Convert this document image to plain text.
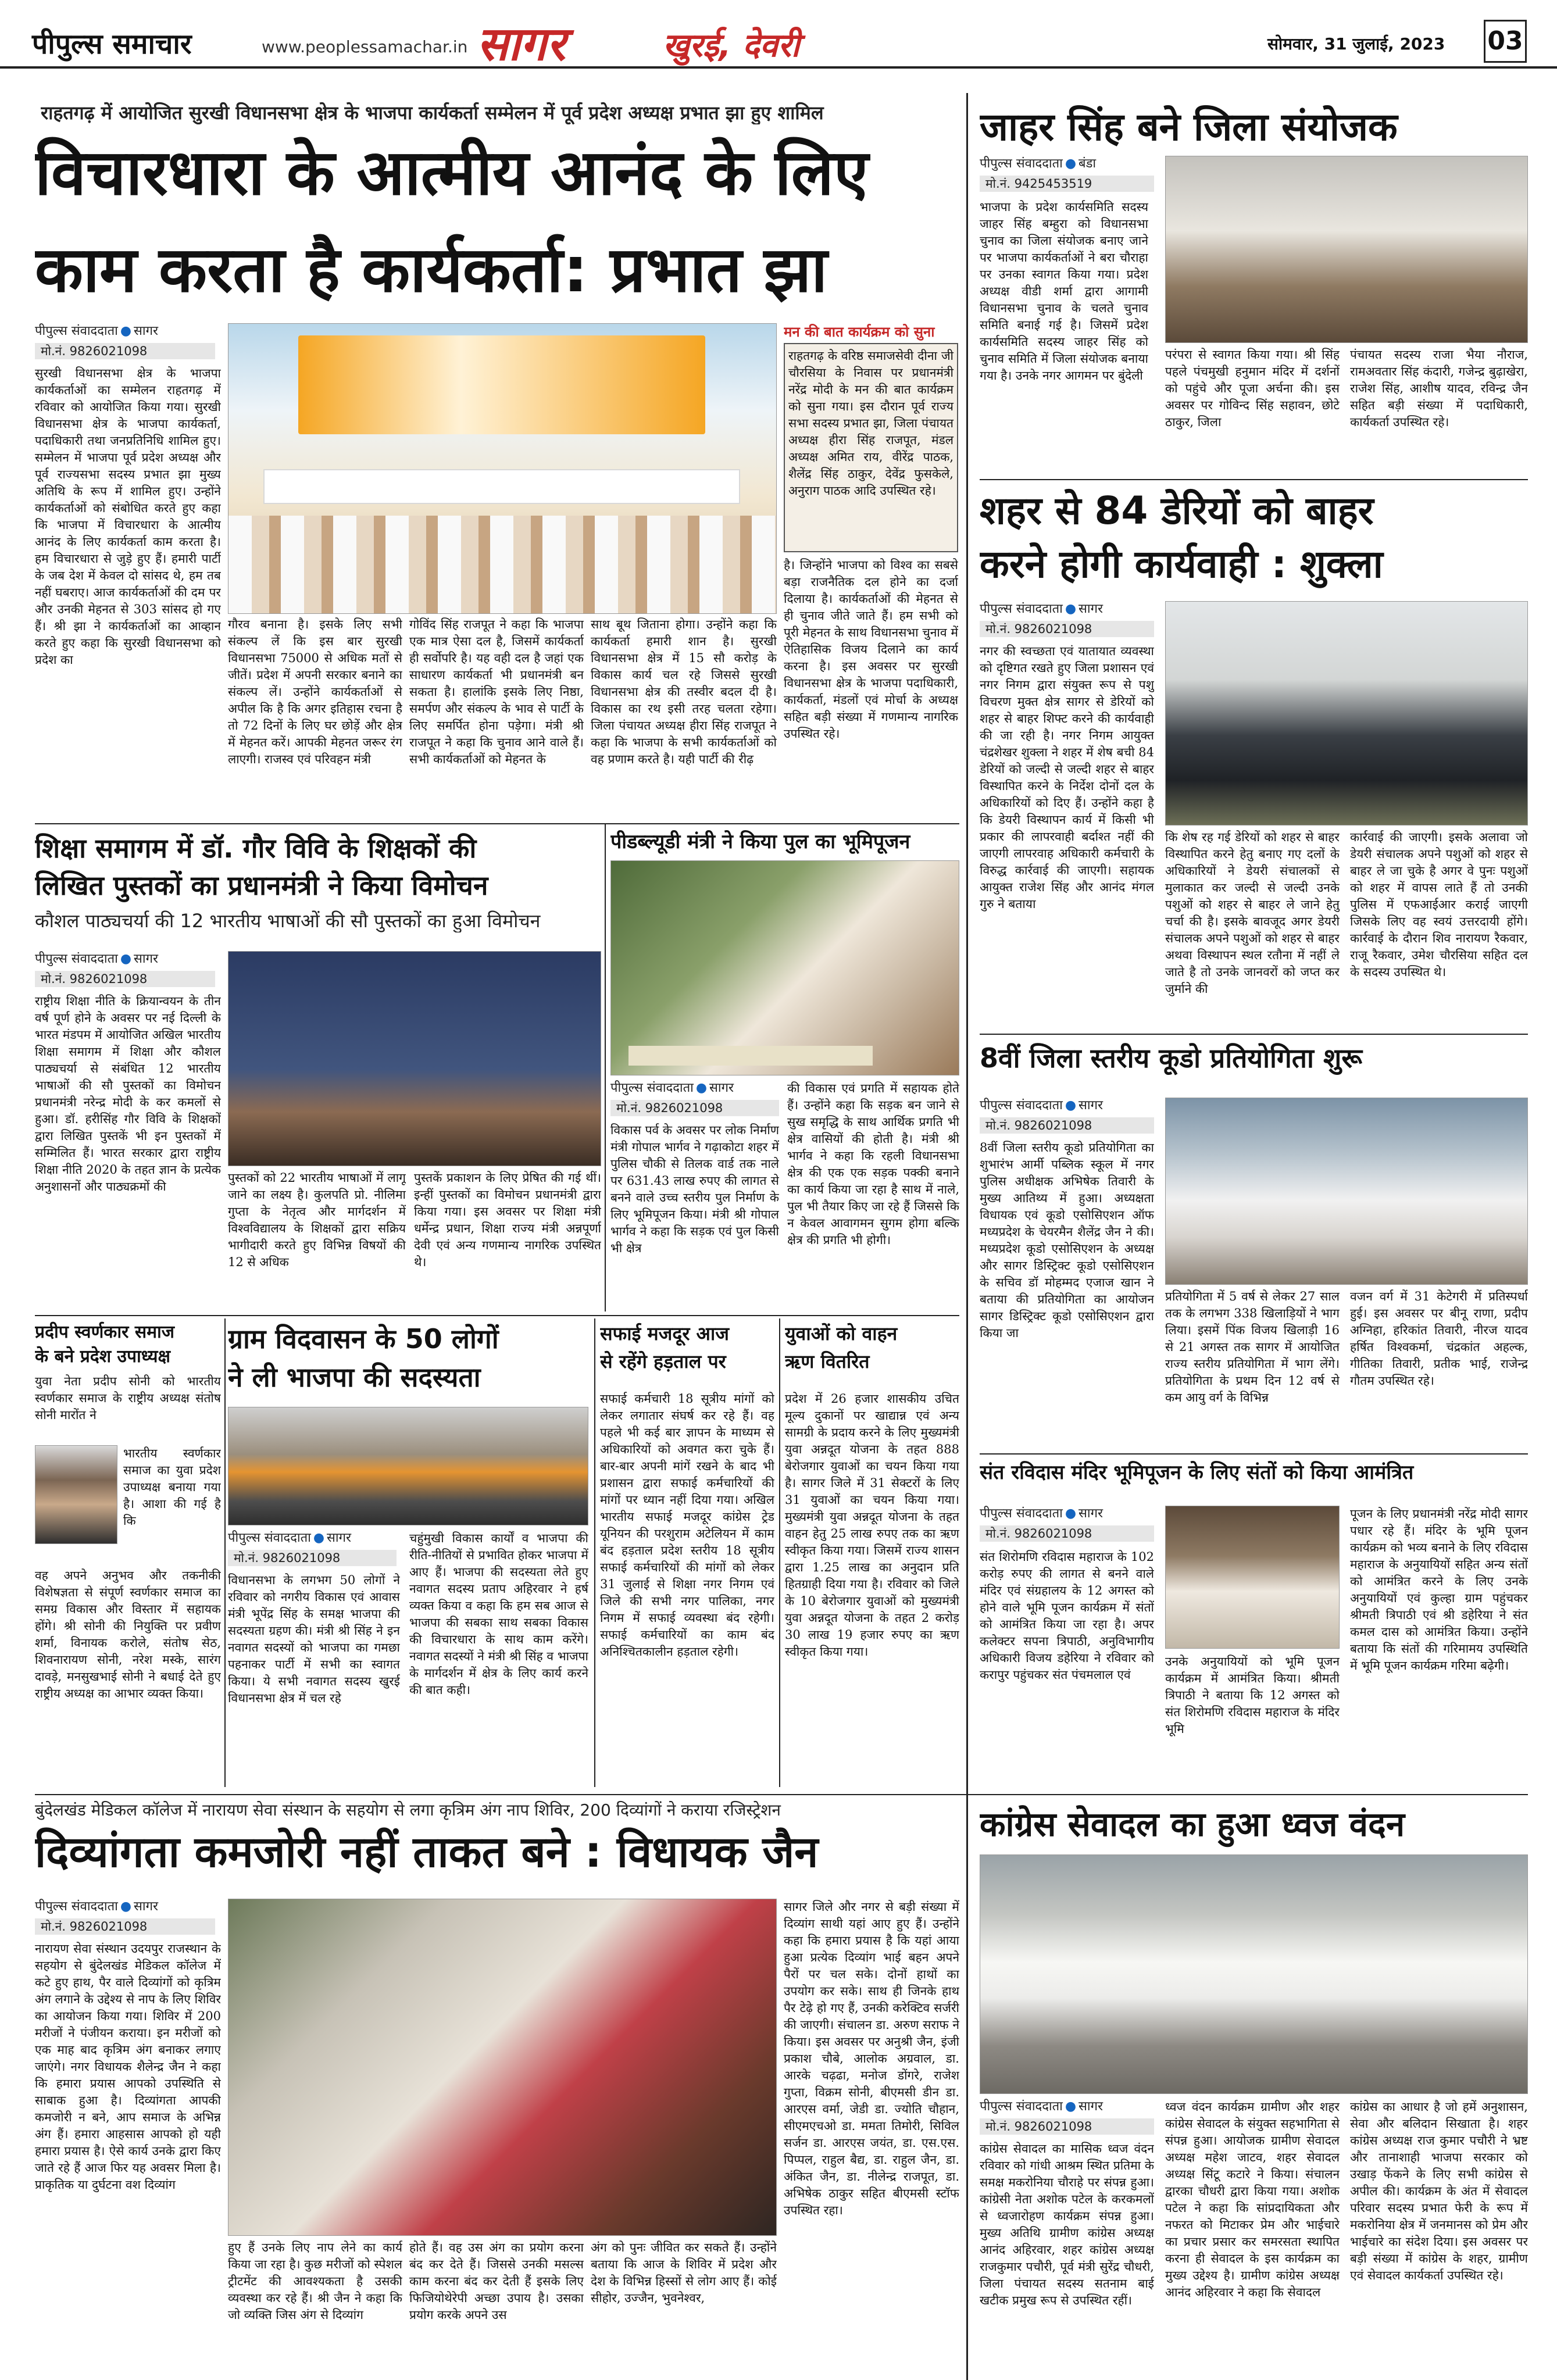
पीपुल्स समाचार	www.peoplessamachar.in सागर	खुरई, देवरी	सोमवार, 31 जुलाई, 2023 03
राहतगढ़ में आयोजित सुरखी विधानसभा क्षेत्र के भाजपा कार्यकर्ता सम्मेलन में पूर्व प्रदेश अध्यक्ष प्रभात झा हुए शामिल
विचारधारा के आत्मीय आनंद के लिए
काम करता है कार्यकर्ता: प्रभात झा
पीपुल्स संवाददाता ● सागर
मो.नं. 9826021098
सुरखी विधानसभा क्षेत्र के भाजपा कार्यकर्ताओं का सम्मेलन राहतगढ़ में रविवार को आयोजित किया गया। सुरखी विधानसभा क्षेत्र के भाजपा कार्यकर्ता, पदाधिकारी तथा जनप्रतिनिधि शामिल हुए। सम्मेलन में भाजपा पूर्व प्रदेश अध्यक्ष और पूर्व राज्यसभा सदस्य प्रभात झा मुख्य अतिथि के रूप में शामिल हुए। उन्होंने कार्यकर्ताओं को संबोधित करते हुए कहा कि भाजपा में विचारधारा के आत्मीय आनंद के लिए कार्यकर्ता काम करता है। हम विचारधारा से जुड़े हुए हैं। हमारी पार्टी के जब देश में केवल दो सांसद थे, हम तब नहीं घबराए। आज कार्यकर्ताओं की दम पर और उनकी मेहनत से 303 सांसद हो गए हैं। श्री झा ने कार्यकर्ताओं का आव्हान करते हुए कहा कि सुरखी विधानसभा को प्रदेश का
गौरव बनाना है। इसके लिए सभी संकल्प लें कि इस बार सुरखी विधानसभा 75000 से अधिक मतों से जीतें। प्रदेश में अपनी सरकार बनाने का संकल्प लें। उन्होंने कार्यकर्ताओं से अपील कि है कि अगर इतिहास रचना है तो 72 दिनों के लिए घर छोड़ें और क्षेत्र में मेहनत करें। आपकी मेहनत जरूर रंग लाएगी। राजस्व एवं परिवहन मंत्री
गोविंद सिंह राजपूत ने कहा कि भाजपा एक मात्र ऐसा दल है, जिसमें कार्यकर्ता ही सर्वोपरि है। यह वही दल है जहां एक साधारण कार्यकर्ता भी प्रधानमंत्री बन सकता है। हालांकि इसके लिए निष्ठा, समर्पण और संकल्प के भाव से पार्टी के लिए समर्पित होना पड़ेगा। मंत्री श्री राजपूत ने कहा कि चुनाव आने वाले हैं। सभी कार्यकर्ताओं को मेहनत के
साथ बूथ जिताना होगा। उन्होंने कहा कि कार्यकर्ता हमारी शान है। सुरखी विधानसभा क्षेत्र में 15 सौ करोड़ के विकास कार्य चल रहे जिससे सुरखी विधानसभा क्षेत्र की तस्वीर बदल दी है। विकास का रथ इसी तरह चलता रहेगा। जिला पंचायत अध्यक्ष हीरा सिंह राजपूत ने कहा कि भाजपा के सभी कार्यकर्ताओं को वह प्रणाम करते है। यही पार्टी की रीढ़
मन की बात कार्यक्रम को सुना
राहतगढ़ के वरिष्ठ समाजसेवी दीना जी चौरसिया के निवास पर प्रधानमंत्री नरेंद्र मोदी के मन की बात कार्यक्रम को सुना गया। इस दौरान पूर्व राज्य सभा सदस्य प्रभात झा, जिला पंचायत अध्यक्ष हीरा सिंह राजपूत, मंडल अध्यक्ष अमित राय, वीरेंद्र पाठक, शैलेंद्र सिंह ठाकुर, देवेंद्र फुसकेले, अनुराग पाठक आदि उपस्थित रहे।
है। जिन्होंने भाजपा को विश्व का सबसे बड़ा राजनैतिक दल होने का दर्जा दिलाया है। कार्यकर्ताओं की मेहनत से ही चुनाव जीते जाते हैं। हम सभी को पूरी मेहनत के साथ विधानसभा चुनाव में ऐतिहासिक विजय दिलाने का कार्य करना है। इस अवसर पर सुरखी विधानसभा क्षेत्र के भाजपा पदाधिकारी, कार्यकर्ता, मंडलों एवं मोर्चा के अध्यक्ष सहित बड़ी संख्या में गणमान्य नागरिक उपस्थित रहे।
जाहर सिंह बने जिला संयोजक
पीपुल्स संवाददाता ● बंडा
मो.नं. 9425453519
भाजपा के प्रदेश कार्यसमिति सदस्य जाहर सिंह बम्हुरा को विधानसभा चुनाव का जिला संयोजक बनाए जाने पर भाजपा कार्यकर्ताओं ने बरा चौराहा पर उनका स्वागत किया गया। प्रदेश अध्यक्ष वीडी शर्मा द्वारा आगामी विधानसभा चुनाव के चलते चुनाव समिति बनाई गई है। जिसमें प्रदेश कार्यसमिति सदस्य जाहर सिंह को चुनाव समिति में जिला संयोजक बनाया गया है। उनके नगर आगमन पर बुंदेली
परंपरा से स्वागत किया गया। श्री सिंह पहले पंचमुखी हनुमान मंदिर में दर्शनों को पहुंचे और पूजा अर्चना की। इस अवसर पर गोविन्द सिंह सहावन, छोटे ठाकुर, जिला
पंचायत सदस्य राजा भैया नौराज, रामअवतार सिंह कंदारी, गजेन्द्र बुढ़ाखेरा, राजेश सिंह, आशीष यादव, रविन्द्र जैन सहित बड़ी संख्या में पदाधिकारी, कार्यकर्ता उपस्थित रहे।
शहर से 84 डेरियों को बाहर
करने होगी कार्यवाही : शुक्ला
पीपुल्स संवाददाता ● सागर
मो.नं. 9826021098
नगर की स्वच्छता एवं यातायात व्यवस्था को दृष्टिगत रखते हुए जिला प्रशासन एवं नगर निगम द्वारा संयुक्त रूप से पशु विचरण मुक्त क्षेत्र सागर से डेरियों को शहर से बाहर शिफ्ट करने की कार्यवाही की जा रही है। नगर निगम आयुक्त चंद्रशेखर शुक्ला ने शहर में शेष बची 84 डेरियों को जल्दी से जल्दी शहर से बाहर विस्थापित करने के निर्देश दोनों दल के अधिकारियों को दिए हैं। उन्होंने कहा है कि डेयरी विस्थापन कार्य में किसी भी प्रकार की लापरवाही बर्दाश्त नहीं की जाएगी लापरवाह अधिकारी कर्मचारी के विरुद्ध कार्रवाई की जाएगी। सहायक आयुक्त राजेश सिंह और आनंद मंगल गुरु ने बताया
कि शेष रह गई डेरियों को शहर से बाहर विस्थापित करने हेतु बनाए गए दलों के अधिकारियों ने डेयरी संचालकों से मुलाकात कर जल्दी से जल्दी उनके पशुओं को शहर से बाहर ले जाने हेतु चर्चा की है। इसके बावजूद अगर डेयरी संचालक अपने पशुओं को शहर से बाहर अथवा विस्थापन स्थल रतौना में नहीं ले जाते है तो उनके जानवरों को जप्त कर जुर्माने की
कार्रवाई की जाएगी। इसके अलावा जो डेयरी संचालक अपने पशुओं को शहर से बाहर ले जा चुके है अगर वे पुनः पशुओं को शहर में वापस लाते हैं तो उनकी पुलिस में एफआईआर कराई जाएगी जिसके लिए वह स्वयं उत्तरदायी होंगे। कार्रवाई के दौरान शिव नारायण रैकवार, राजू रैकवार, उमेश चौरसिया सहित दल के सदस्य उपस्थित थे।
शिक्षा समागम में डॉ. गौर विवि के शिक्षकों की
लिखित पुस्तकों का प्रधानमंत्री ने किया विमोचन
कौशल पाठ्यचर्या की 12 भारतीय भाषाओं की सौ पुस्तकों का हुआ विमोचन
पीपुल्स संवाददाता ● सागर
मो.नं. 9826021098
राष्ट्रीय शिक्षा नीति के क्रियान्वयन के तीन वर्ष पूर्ण होने के अवसर पर नई दिल्ली के भारत मंडपम में आयोजित अखिल भारतीय शिक्षा समागम में शिक्षा और कौशल पाठ्यचर्या से संबंधित 12 भारतीय भाषाओं की सौ पुस्तकों का विमोचन प्रधानमंत्री नरेन्द्र मोदी के कर कमलों से हुआ। डॉ. हरीसिंह गौर विवि के शिक्षकों द्वारा लिखित पुस्तकें भी इन पुस्तकों में सम्मिलित हैं। भारत सरकार द्वारा राष्ट्रीय शिक्षा नीति 2020 के तहत ज्ञान के प्रत्येक अनुशासनों और पाठ्यक्रमों की
पुस्तकों को 22 भारतीय भाषाओं में लागू जाने का लक्ष्य है। कुलपति प्रो. नीलिमा गुप्ता के नेतृत्व और मार्गदर्शन में विश्वविद्यालय के शिक्षकों द्वारा सक्रिय भागीदारी करते हुए विभिन्न विषयों की 12 से अधिक
पुस्तकें प्रकाशन के लिए प्रेषित की गई थीं। इन्हीं पुस्तकों का विमोचन प्रधानमंत्री द्वारा किया गया। इस अवसर पर शिक्षा मंत्री धर्मेन्द्र प्रधान, शिक्षा राज्य मंत्री अन्नपूर्णा देवी एवं अन्य गणमान्य नागरिक उपस्थित थे।
पीडब्ल्यूडी मंत्री ने किया पुल का भूमिपूजन

पीपुल्स संवाददाता ● सागर
मो.नं. 9826021098
विकास पर्व के अवसर पर लोक निर्माण मंत्री गोपाल भार्गव ने गढ़ाकोटा शहर में पुलिस चौकी से तिलक वार्ड तक नाले पर 631.43 लाख रुपए की लागत से बनने वाले उच्च स्तरीय पुल निर्माण के लिए भूमिपूजन किया। मंत्री श्री गोपाल भार्गव ने कहा कि सड़क एवं पुल किसी भी क्षेत्र
की विकास एवं प्रगति में सहायक होते हैं। उन्होंने कहा कि सड़क बन जाने से सुख समृद्धि के साथ आर्थिक प्रगति भी क्षेत्र वासियों की होती है। मंत्री श्री भार्गव ने कहा कि रहली विधानसभा क्षेत्र की एक एक सड़क पक्की बनाने का कार्य किया जा रहा है साथ में नाले, पुल भी तैयार किए जा रहे हैं जिससे कि न केवल आवागमन सुगम होगा बल्कि क्षेत्र की प्रगति भी होगी।
8वीं जिला स्तरीय कूडो प्रतियोगिता शुरू
पीपुल्स संवाददाता ● सागर
मो.नं. 9826021098
8वीं जिला स्तरीय कूडो प्रतियोगिता का शुभारंभ आर्मी पब्लिक स्कूल में नगर पुलिस अधीक्षक अभिषेक तिवारी के मुख्य आतिथ्य में हुआ। अध्यक्षता विधायक एवं कूडो एसोसिएशन ऑफ मध्यप्रदेश के चेयरमैन शैलेंद्र जैन ने की। मध्यप्रदेश कूडो एसोसिएशन के अध्यक्ष और सागर डिस्ट्रिक्ट कूडो एसोसिएशन के सचिव डॉ मोहम्मद एजाज खान ने बताया की प्रतियोगिता का आयोजन सागर डिस्ट्रिक्ट कूडो एसोसिएशन द्वारा किया जा
प्रतियोगिता में 5 वर्ष से लेकर 27 साल तक के लगभग 338 खिलाड़ियों ने भाग लिया। इसमें पिंक विजय खिलाड़ी 16 से 21 अगस्त तक सागर में आयोजित राज्य स्तरीय प्रतियोगिता में भाग लेंगे। प्रतियोगिता के प्रथम दिन 12 वर्ष से कम आयु वर्ग के विभिन्न
वजन वर्ग में 31 केटेगरी में प्रतिस्पर्धा हुई। इस अवसर पर बीनू राणा, प्रदीप अग्निहा, हरिकांत तिवारी, नीरज यादव हर्षित विश्वकर्मा, चंद्रकांत अहल्क, गीतिका तिवारी, प्रतीक भाई, राजेन्द्र गौतम उपस्थित रहे।
प्रदीप स्वर्णकार समाज
के बने प्रदेश उपाध्यक्ष
युवा नेता प्रदीप सोनी को भारतीय स्वर्णकार समाज के राष्ट्रीय अध्यक्ष संतोष सोनी मारोंत ने
भारतीय स्वर्णकार समाज का युवा प्रदेश उपाध्यक्ष बनाया गया है। आशा की गई है कि
वह अपने अनुभव और तकनीकी विशेषज्ञता से संपूर्ण स्वर्णकार समाज का समग्र विकास और विस्तार में सहायक होंगे। श्री सोनी की नियुक्ति पर प्रवीण शर्मा, विनायक करोले, संतोष सेठ, शिवनारायण सोनी, नरेश मस्के, सारंग दावड़े, मनसुखभाई सोनी ने बधाई देते हुए राष्ट्रीय अध्यक्ष का आभार व्यक्त किया।
ग्राम विदवासन के 50 लोगों
ने ली भाजपा की सदस्यता
पीपुल्स संवाददाता ● सागर
मो.नं. 9826021098
विधानसभा के लगभग 50 लोगों ने रविवार को नगरीय विकास एवं आवास मंत्री भूपेंद्र सिंह के समक्ष भाजपा की सदस्यता ग्रहण की। मंत्री श्री सिंह ने इन नवागत सदस्यों को भाजपा का गमछा पहनाकर पार्टी में सभी का स्वागत किया। ये सभी नवागत सदस्य खुरई विधानसभा क्षेत्र में चल रहे
चहुंमुखी विकास कार्यों व भाजपा की रीति-नीतियों से प्रभावित होकर भाजपा में आए हैं। भाजपा की सदस्यता लेते हुए नवागत सदस्य प्रताप अहिरवार ने हर्ष व्यक्त किया व कहा कि हम सब आज से भाजपा की सबका साथ सबका विकास की विचारधारा के साथ काम करेंगे। नवागत सदस्यों ने मंत्री श्री सिंह व भाजपा के मार्गदर्शन में क्षेत्र के लिए कार्य करने की बात कही।
सफाई मजदूर आज
से रहेंगे हड़ताल पर
सफाई कर्मचारी 18 सूत्रीय मांगों को लेकर लगातार संघर्ष कर रहे हैं। वह पहले भी कई बार ज्ञापन के माध्यम से अधिकारियों को अवगत करा चुके हैं। बार-बार अपनी मांगें रखने के बाद भी प्रशासन द्वारा सफाई कर्मचारियों की मांगों पर ध्यान नहीं दिया गया। अखिल भारतीय सफाई मजदूर कांग्रेस ट्रेड यूनियन की परशुराम अटेलियन में काम बंद हड़ताल प्रदेश स्तरीय 18 सूत्रीय सफाई कर्मचारियों की मांगों को लेकर 31 जुलाई से शिक्षा नगर निगम एवं जिले की सभी नगर पालिका, नगर निगम में सफाई व्यवस्था बंद रहेगी। सफाई कर्मचारियों का काम बंद अनिश्चितकालीन हड़ताल रहेगी।
युवाओं को वाहन
ऋण वितरित
प्रदेश में 26 हजार शासकीय उचित मूल्य दुकानों पर खाद्यान्न एवं अन्य सामग्री के प्रदाय करने के लिए मुख्यमंत्री युवा अन्नदूत योजना के तहत 888 बेरोजगार युवाओं का चयन किया गया है। सागर जिले में 31 सेक्टरों के लिए 31 युवाओं का चयन किया गया। मुख्यमंत्री युवा अन्नदूत योजना के तहत वाहन हेतु 25 लाख रुपए तक का ऋण स्वीकृत किया गया। जिसमें राज्य शासन द्वारा 1.25 लाख का अनुदान प्रति हितग्राही दिया गया है। रविवार को जिले के 10 बेरोजगार युवाओं को मुख्यमंत्री युवा अन्नदूत योजना के तहत 2 करोड़ 30 लाख 19 हजार रुपए का ऋण स्वीकृत किया गया।
संत रविदास मंदिर भूमिपूजन के लिए संतों को किया आमंत्रित
पीपुल्स संवाददाता ● सागर
मो.नं. 9826021098
संत शिरोमणि रविदास महाराज के 102 करोड़ रुपए की लागत से बनने वाले मंदिर एवं संग्रहालय के 12 अगस्त को होने वाले भूमि पूजन कार्यक्रम में संतों को आमंत्रित किया जा रहा है। अपर कलेक्टर सपना त्रिपाठी, अनुविभागीय अधिकारी विजय डहेरिया ने रविवार को करापुर पहुंचकर संत पंचमलाल एवं
उनके अनुयायियों को भूमि पूजन कार्यक्रम में आमंत्रित किया। श्रीमती त्रिपाठी ने बताया कि 12 अगस्त को संत शिरोमणि रविदास महाराज के मंदिर भूमि
पूजन के लिए प्रधानमंत्री नरेंद्र मोदी सागर पधार रहे हैं। मंदिर के भूमि पूजन कार्यक्रम को भव्य बनाने के लिए रविदास महाराज के अनुयायियों सहित अन्य संतों को आमंत्रित करने के लिए उनके अनुयायियों एवं कुल्हा ग्राम पहुंचकर श्रीमती त्रिपाठी एवं श्री डहेरिया ने संत कमल दास को आमंत्रित किया। उन्होंने बताया कि संतों की गरिमामय उपस्थिति में भूमि पूजन कार्यक्रम गरिमा बढ़ेगी।
बुंदेलखंड मेडिकल कॉलेज में नारायण सेवा संस्थान के सहयोग से लगा कृत्रिम अंग नाप शिविर, 200 दिव्यांगों ने कराया रजिस्ट्रेशन
दिव्यांगता कमजोरी नहीं ताकत बने : विधायक जैन
पीपुल्स संवाददाता ● सागर
मो.नं. 9826021098
नारायण सेवा संस्थान उदयपुर राजस्थान के सहयोग से बुंदेलखंड मेडिकल कॉलेज में कटे हुए हाथ, पैर वाले दिव्यांगों को कृत्रिम अंग लगाने के उद्देश्य से नाप के लिए शिविर का आयोजन किया गया। शिविर में 200 मरीजों ने पंजीयन कराया। इन मरीजों को एक माह बाद कृत्रिम अंग बनाकर लगाए जाएंगे। नगर विधायक शैलेन्द्र जैन ने कहा कि हमारा प्रयास आपको उपस्थिति से साबाक हुआ है। दिव्यांगता आपकी कमजोरी न बने, आप समाज के अभिन्न अंग हैं। हमारा आहसास आपको हो यही हमारा प्रयास है। ऐसे कार्य उनके द्वारा किए जाते रहे हैं आज फिर यह अवसर मिला है। प्राकृतिक या दुर्घटना वश दिव्यांग
हुए हैं उनके लिए नाप लेने का कार्य किया जा रहा है। कुछ मरीजों को स्पेशल ट्रीटमेंट की आवश्यकता है उसकी व्यवस्था कर रहे हैं। श्री जैन ने कहा कि जो व्यक्ति जिस अंग से दिव्यांग
होते हैं। वह उस अंग का प्रयोग करना बंद कर देते हैं। जिससे उनकी मसल्स काम करना बंद कर देती हैं इसके लिए फिजियोथेरेपी अच्छा उपाय है। उसका प्रयोग करके अपने उस
अंग को पुनः जीवित कर सकते हैं। उन्होंने बताया कि आज के शिविर में प्रदेश और देश के विभिन्न हिस्सों से लोग आए हैं। कोई सीहोर, उज्जैन, भुवनेश्वर,
सागर जिले और नगर से बड़ी संख्या में दिव्यांग साथी यहां आए हुए हैं। उन्होंने कहा कि हमारा प्रयास है कि यहां आया हुआ प्रत्येक दिव्यांग भाई बहन अपने पैरों पर चल सके। दोनों हाथों का उपयोग कर सके। साथ ही जिनके हाथ पैर टेढ़े हो गए हैं, उनकी करेक्टिव सर्जरी की जाएगी। संचालन डा. अरुण सराफ ने किया। इस अवसर पर अनुश्री जैन, इंजी प्रकाश चौबे, आलोक अग्रवाल, डा. आरके चढ़ढा, मनोज डोंगरे, राजेश गुप्ता, विक्रम सोनी, बीएमसी डीन डा. आरएस वर्मा, जेडी डा. ज्योति चौहान, सीएमएचओ डा. ममता तिमोरी, सिविल सर्जन डा. आरएस जयंत, डा. एस.एस. पिप्पल, राहुल बैद्य, डा. राहुल जैन, डा. अंकित जैन, डा. नीलेन्द्र राजपूत, डा. अभिषेक ठाकुर सहित बीएमसी स्टॉफ उपस्थित रहा।
कांग्रेस सेवादल का हुआ ध्वज वंदन
पीपुल्स संवाददाता ● सागर
मो.नं. 9826021098
कांग्रेस सेवादल का मासिक ध्वज वंदन रविवार को गांधी आश्रम स्थित प्रतिमा के समक्ष मकरोनिया चौराहे पर संपन्न हुआ। कांग्रेसी नेता अशोक पटेल के करकमलों से ध्वजारोहण कार्यक्रम संपन्न हुआ। मुख्य अतिथि ग्रामीण कांग्रेस अध्यक्ष आनंद अहिरवार, शहर कांग्रेस अध्यक्ष राजकुमार पचौरी, पूर्व मंत्री सुरेंद्र चौधरी, जिला पंचायत सदस्य सतनाम बाई खटीक प्रमुख रूप से उपस्थित रहीं।
ध्वज वंदन कार्यक्रम ग्रामीण और शहर कांग्रेस सेवादल के संयुक्त सहभागिता से संपन्न हुआ। आयोजक ग्रामीण सेवादल अध्यक्ष महेश जाटव, शहर सेवादल अध्यक्ष सिंटू कटारे ने किया। संचालन द्वारका चौधरी द्वारा किया गया। अशोक पटेल ने कहा कि सांप्रदायिकता और नफरत को मिटाकर प्रेम और भाईचारे का प्रचार प्रसार कर समरसता स्थापित करना ही सेवादल के इस कार्यक्रम का मुख्य उद्देश्य है। ग्रामीण कांग्रेस अध्यक्ष आनंद अहिरवार ने कहा कि सेवादल
कांग्रेस का आधार है जो हमें अनुशासन, सेवा और बलिदान सिखाता है। शहर कांग्रेस अध्यक्ष राज कुमार पचौरी ने भ्रष्ट और तानाशाही भाजपा सरकार को उखाड़ फेंकने के लिए सभी कांग्रेस से अपील की। कार्यक्रम के अंत में सेवादल परिवार सदस्य प्रभात फेरी के रूप में मकरोनिया क्षेत्र में जनमानस को प्रेम और भाईचारे का संदेश दिया। इस अवसर पर बड़ी संख्या में कांग्रेस के शहर, ग्रामीण एवं सेवादल कार्यकर्ता उपस्थित रहे।
